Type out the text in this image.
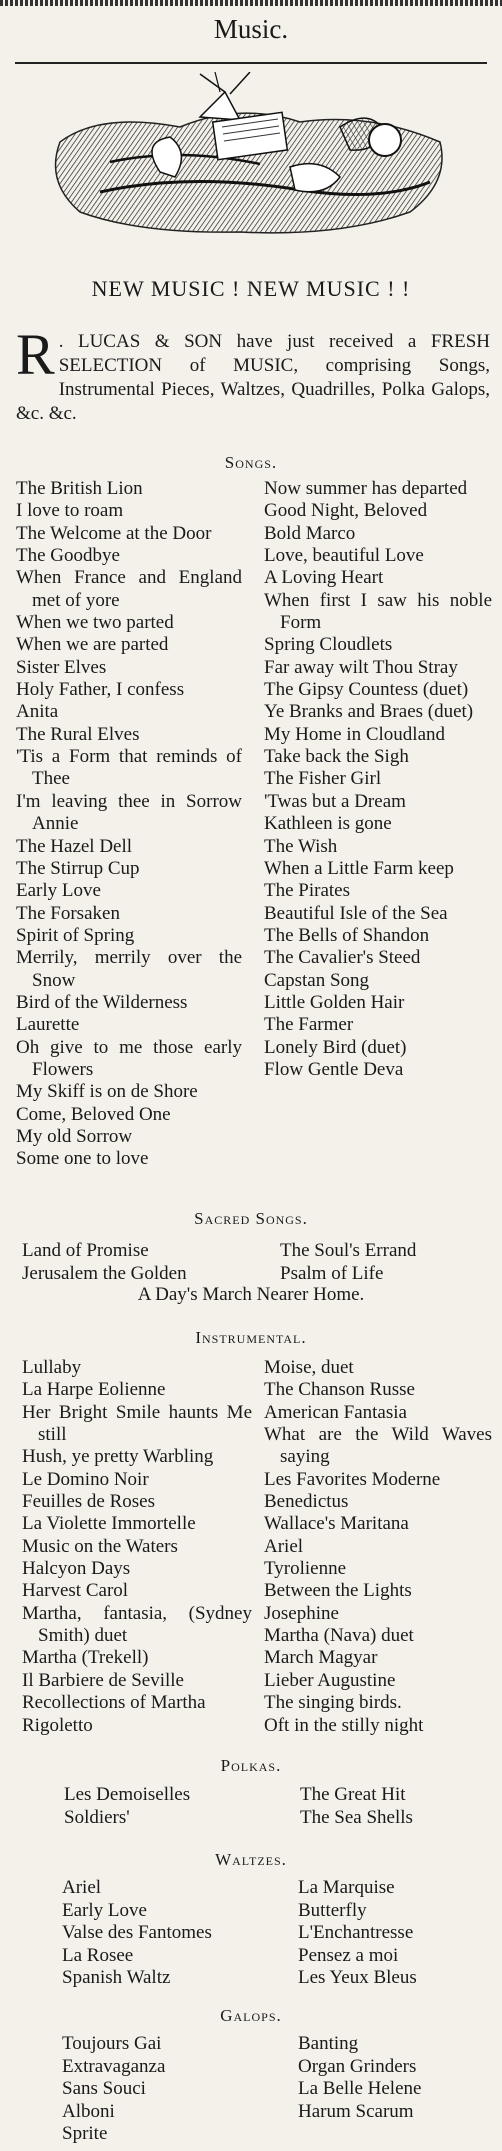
Music.
NEW MUSIC ! NEW MUSIC ! !
R . LUCAS & SON have just received a FRESH SELECTION of MUSIC, comprising Songs, Instrumental Pieces, Waltzes, Quadrilles, Polka Galops, &c. &c.
Songs.
The British Lion
I love to roam
The Welcome at the Door
The Goodbye
When France and England met of yore
When we two parted
When we are parted
Sister Elves
Holy Father, I confess
Anita
The Rural Elves
'Tis a Form that reminds of Thee
I'm leaving thee in Sorrow Annie
The Hazel Dell
The Stirrup Cup
Early Love
The Forsaken
Spirit of Spring
Merrily, merrily over the Snow
Bird of the Wilderness
Laurette
Oh give to me those early Flowers
My Skiff is on de Shore
Come, Beloved One
My old Sorrow
Some one to love
Now summer has departed
Good Night, Beloved
Bold Marco
Love, beautiful Love
A Loving Heart
When first I saw his noble Form
Spring Cloudlets
Far away wilt Thou Stray
The Gipsy Countess (duet)
Ye Branks and Braes (duet)
My Home in Cloudland
Take back the Sigh
The Fisher Girl
'Twas but a Dream
Kathleen is gone
The Wish
When a Little Farm keep
The Pirates
Beautiful Isle of the Sea
The Bells of Shandon
The Cavalier's Steed
Capstan Song
Little Golden Hair
The Farmer
Lonely Bird (duet)
Flow Gentle Deva
Sacred Songs.
Land of Promise
Jerusalem the Golden
The Soul's Errand
Psalm of Life
A Day's March Nearer Home.
Instrumental.
Lullaby
La Harpe Eolienne
Her Bright Smile haunts Me still
Hush, ye pretty Warbling
Le Domino Noir
Feuilles de Roses
La Violette Immortelle
Music on the Waters
Halcyon Days
Harvest Carol
Martha, fantasia, (Sydney Smith) duet
Martha (Trekell)
Il Barbiere de Seville
Recollections of Martha
Rigoletto
Moise, duet
The Chanson Russe
American Fantasia
What are the Wild Waves saying
Les Favorites Moderne
Benedictus
Wallace's Maritana
Ariel
Tyrolienne
Between the Lights
Josephine
Martha (Nava) duet
March Magyar
Lieber Augustine
The singing birds.
Oft in the stilly night
Polkas.
Les Demoiselles
Soldiers'
The Great Hit
The Sea Shells
Waltzes.
Ariel
Early Love
Valse des Fantomes
La Rosee
Spanish Waltz
La Marquise
Butterfly
L'Enchantresse
Pensez a moi
Les Yeux Bleus
Galops.
Toujours Gai
Extravaganza
Sans Souci
Alboni
Sprite
Banting
Organ Grinders
La Belle Helene
Harum Scarum
